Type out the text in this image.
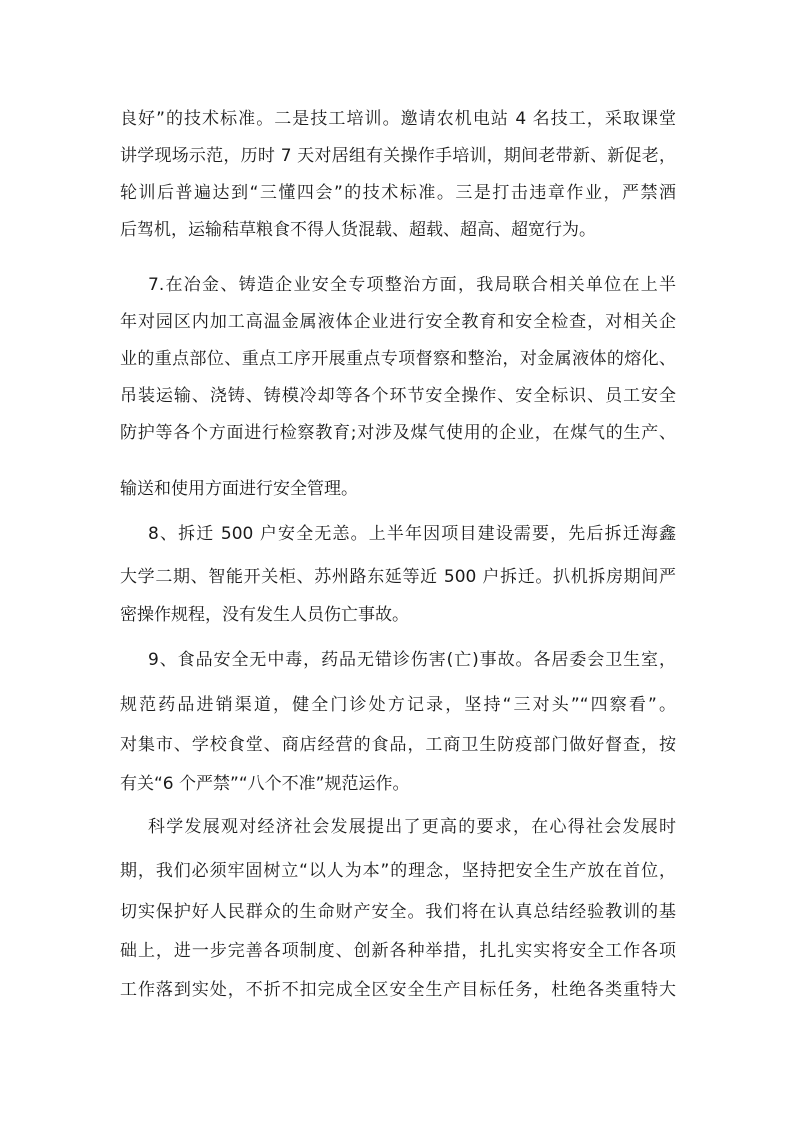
良好”的技术标准。二是技工培训。邀请农机电站 4 名技工，采取课堂
讲学现场示范，历时 7 天对居组有关操作手培训，期间老带新、新促老，
轮训后普遍达到“三懂四会”的技术标准。三是打击违章作业，严禁酒
后驾机，运输秸草粮食不得人货混载、超载、超高、超宽行为。
7.在冶金、铸造企业安全专项整治方面，我局联合相关单位在上半
年对园区内加工高温金属液体企业进行安全教育和安全检查，对相关企
业的重点部位、重点工序开展重点专项督察和整治，对金属液体的熔化、
吊装运输、浇铸、铸模冷却等各个环节安全操作、安全标识、员工安全
防护等各个方面进行检察教育;对涉及煤气使用的企业，在煤气的生产、
输送和使用方面进行安全管理。
8、拆迁 500 户安全无恙。上半年因项目建设需要，先后拆迁海鑫
大学二期、智能开关柜、苏州路东延等近 500 户拆迁。扒机拆房期间严
密操作规程，没有发生人员伤亡事故。
9、食品安全无中毒，药品无错诊伤害(亡)事故。各居委会卫生室，
规范药品进销渠道，健全门诊处方记录，坚持“三对头”“四察看”。
对集市、学校食堂、商店经营的食品，工商卫生防疫部门做好督查，按
有关“6 个严禁”“八个不准”规范运作。
科学发展观对经济社会发展提出了更高的要求，在心得社会发展时
期，我们必须牢固树立“以人为本”的理念，坚持把安全生产放在首位，
切实保护好人民群众的生命财产安全。我们将在认真总结经验教训的基
础上，进一步完善各项制度、创新各种举措，扎扎实实将安全工作各项
工作落到实处，不折不扣完成全区安全生产目标任务，杜绝各类重特大
